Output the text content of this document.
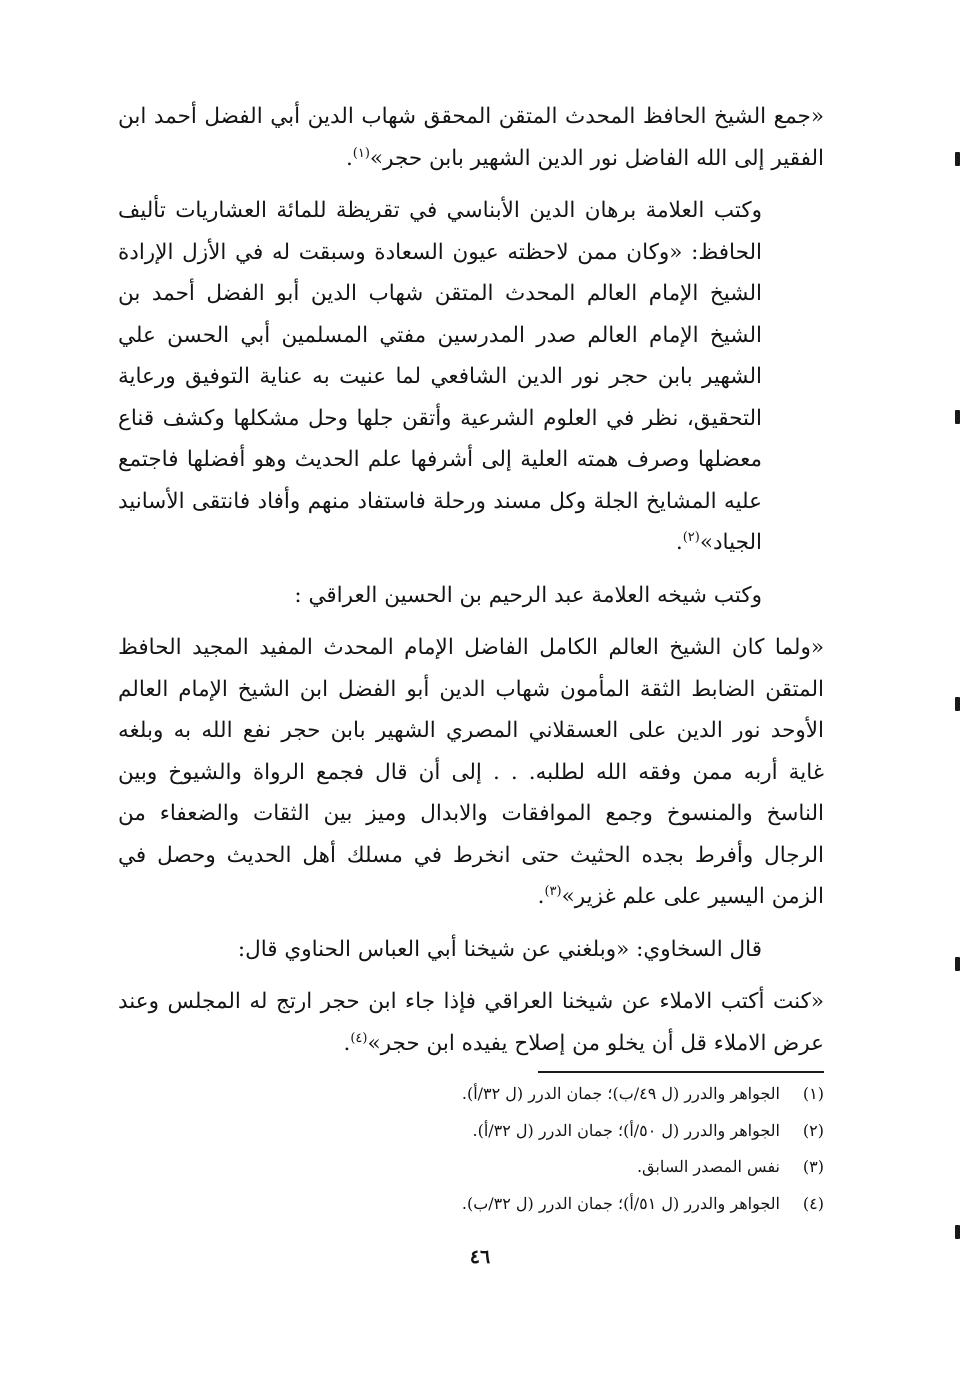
«جمع الشيخ الحافظ المحدث المتقن المحقق شهاب الدين أبي الفضل أحمد ابن الفقير إلى الله الفاضل نور الدين الشهير بابن حجر»$^{(١)}$.

وكتب العلامة برهان الدين الأبناسي في تقريظة للمائة العشاريات تأليف الحافظ: «وكان ممن لاحظته عيون السعادة وسبقت له في الأزل الإرادة الشيخ الإمام العالم المحدث المتقن شهاب الدين أبو الفضل أحمد بن الشيخ الإمام العالم صدر المدرسين مفتي المسلمين أبي الحسن علي الشهير بابن حجر نور الدين الشافعي لما عنيت به عناية التوفيق ورعاية التحقيق، نظر في العلوم الشرعية وأتقن جلها وحل مشكلها وكشف قناع معضلها وصرف همته العلية إلى أشرفها علم الحديث وهو أفضلها فاجتمع عليه المشايخ الجلة وكل مسند ورحلة فاستفاد منهم وأفاد فانتقى الأسانيد الجياد»$^{(٢)}$.

وكتب شيخه العلامة عبد الرحيم بن الحسين العراقي :

«ولما كان الشيخ العالم الكامل الفاضل الإمام المحدث المفيد المجيد الحافظ المتقن الضابط الثقة المأمون شهاب الدين أبو الفضل ابن الشيخ الإمام العالم الأوحد نور الدين على العسقلاني المصري الشهير بابن حجر نفع الله به وبلغه غاية أربه ممن وفقه الله لطلبه. . . إلى أن قال فجمع الرواة والشيوخ وبين الناسخ والمنسوخ وجمع الموافقات والابدال وميز بين الثقات والضعفاء من الرجال وأفرط بجده الحثيث حتى انخرط في مسلك أهل الحديث وحصل في الزمن اليسير على علم غزير»$^{(٣)}$.

قال السخاوي: «وبلغني عن شيخنا أبي العباس الحناوي قال:

«كنت أكتب الاملاء عن شيخنا العراقي فإذا جاء ابن حجر ارتج له المجلس وعند عرض الاملاء قل أن يخلو من إصلاح يفيده ابن حجر»$^{(٤)}$.

(١)
الجواهر والدرر (ل ٤٩/ب)؛ جمان الدرر (ل ٣٢/أ).
(٢)
الجواهر والدرر (ل ٥٠/أ)؛ جمان الدرر (ل ٣٢/أ).
(٣)
نفس المصدر السابق.
(٤)
الجواهر والدرر (ل ٥١/أ)؛ جمان الدرر (ل ٣٢/ب).
٤٦
